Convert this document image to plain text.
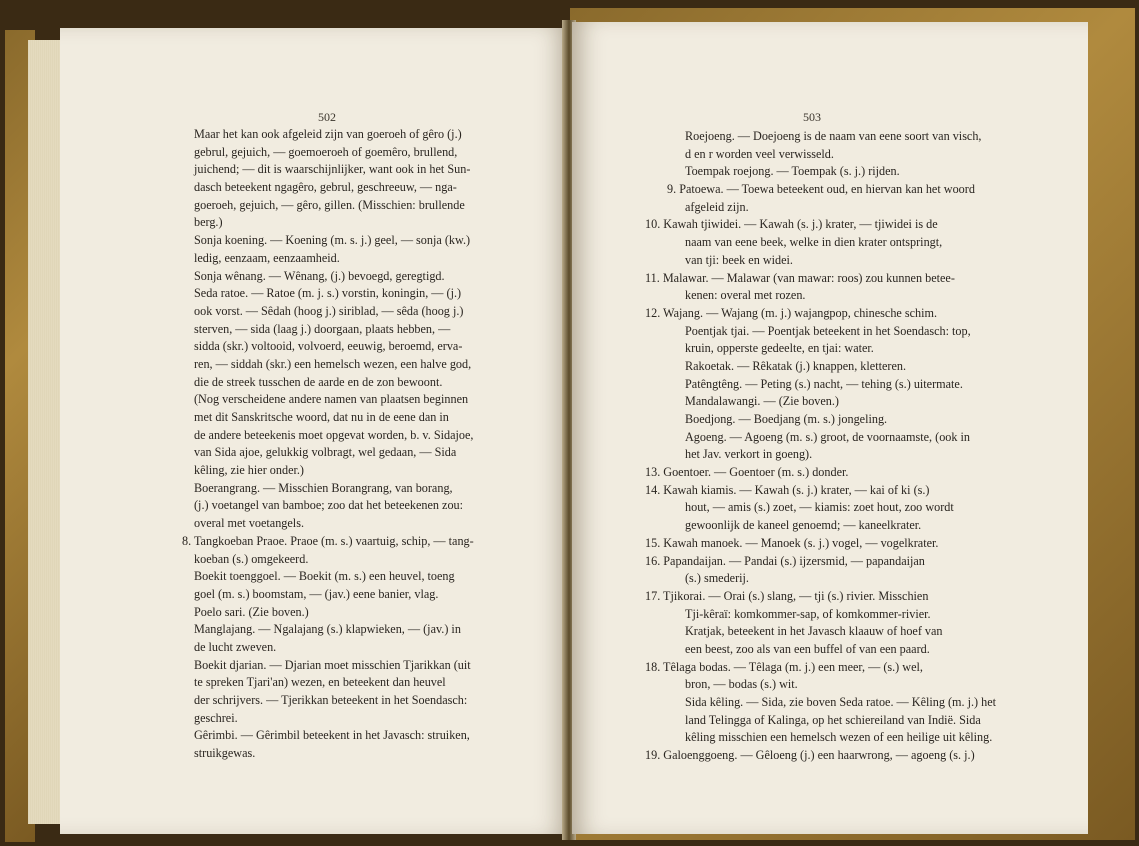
502
Maar het kan ook afgeleid zijn van goeroeh of gêro (j.)
gebrul, gejuich, — goemoeroeh of goemêro, brullend,
juichend; — dit is waarschijnlijker, want ook in het Sun-
dasch beteekent ngagêro, gebrul, geschreeuw, — nga-
goeroeh, gejuich, — gêro, gillen. (Misschien: brullende
berg.)
Sonja koening. — Koening (m. s. j.) geel, — sonja (kw.)
ledig, eenzaam, eenzaamheid.
Sonja wênang. — Wênang, (j.) bevoegd, geregtigd.
Seda ratoe. — Ratoe (m. j. s.) vorstin, koningin, — (j.)
ook vorst. — Sêdah (hoog j.) siriblad, — sêda (hoog j.)
sterven, — sida (laag j.) doorgaan, plaats hebben, —
sidda (skr.) voltooid, volvoerd, eeuwig, beroemd, erva-
ren, — siddah (skr.) een hemelsch wezen, een halve god,
die de streek tusschen de aarde en de zon bewoont.
(Nog verscheidene andere namen van plaatsen beginnen
met dit Sanskritsche woord, dat nu in de eene dan in
de andere beteekenis moet opgevat worden, b. v. Sidajoe,
van Sida ajoe, gelukkig volbragt, wel gedaan, — Sida
kêling, zie hier onder.)
Boerangrang. — Misschien Borangrang, van borang,
(j.) voetangel van bamboe; zoo dat het beteekenen zou:
overal met voetangels.
8. Tangkoeban Praoe. Praoe (m. s.) vaartuig, schip, — tang-
koeban (s.) omgekeerd.
Boekit toenggoel. — Boekit (m. s.) een heuvel, toeng
goel (m. s.) boomstam, — (jav.) eene banier, vlag.
Poelo sari. (Zie boven.)
Manglajang. — Ngalajang (s.) klapwieken, — (jav.) in
de lucht zweven.
Boekit djarian. — Djarian moet misschien Tjarikkan (uit
te spreken Tjari'an) wezen, en beteekent dan heuvel
der schrijvers. — Tjerikkan beteekent in het Soendasch:
geschrei.
Gêrimbi. — Gêrimbil beteekent in het Javasch: struiken,
struikgewas.
503
Roejoeng. — Doejoeng is de naam van eene soort van visch,
d en r worden veel verwisseld.
Toempak roejong. — Toempak (s. j.) rijden.
9. Patoewa. — Toewa beteekent oud, en hiervan kan het woord
afgeleid zijn.
10. Kawah tjiwidei. — Kawah (s. j.) krater, — tjiwidei is de
naam van eene beek, welke in dien krater ontspringt,
van tji: beek en widei.
11. Malawar. — Malawar (van mawar: roos) zou kunnen betee-
kenen: overal met rozen.
12. Wajang. — Wajang (m. j.) wajangpop, chinesche schim.
Poentjak tjai. — Poentjak beteekent in het Soendasch: top,
kruin, opperste gedeelte, en tjai: water.
Rakoetak. — Rêkatak (j.) knappen, kletteren.
Patêngtêng. — Peting (s.) nacht, — tehing (s.) uitermate.
Mandalawangi. — (Zie boven.)
Boedjong. — Boedjang (m. s.) jongeling.
Agoeng. — Agoeng (m. s.) groot, de voornaamste, (ook in
het Jav. verkort in goeng).
13. Goentoer. — Goentoer (m. s.) donder.
14. Kawah kiamis. — Kawah (s. j.) krater, — kai of ki (s.)
hout, — amis (s.) zoet, — kiamis: zoet hout, zoo wordt
gewoonlijk de kaneel genoemd; — kaneelkrater.
15. Kawah manoek. — Manoek (s. j.) vogel, — vogelkrater.
16. Papandaijan. — Pandai (s.) ijzersmid, — papandaijan
(s.) smederij.
17. Tjikorai. — Orai (s.) slang, — tji (s.) rivier. Misschien
Tji-kêraï: komkommer-sap, of komkommer-rivier.
Kratjak, beteekent in het Javasch klaauw of hoef van
een beest, zoo als van een buffel of van een paard.
18. Têlaga bodas. — Têlaga (m. j.) een meer, — (s.) wel,
bron, — bodas (s.) wit.
Sida kêling. — Sida, zie boven Seda ratoe. — Kêling (m. j.) het
land Telingga of Kalinga, op het schiereiland van Indië. Sida
kêling misschien een hemelsch wezen of een heilige uit kêling.
19. Galoenggoeng. — Gêloeng (j.) een haarwrong, — agoeng (s. j.)
